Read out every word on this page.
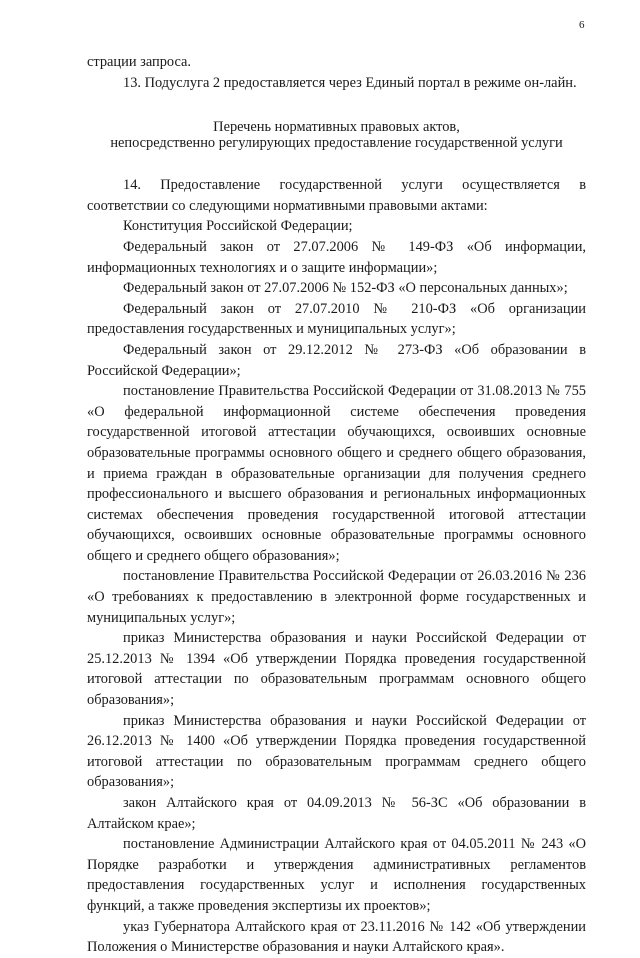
6

страции запроса.

13. Подуслуга 2 предоставляется через Единый портал в режиме он-лайн.

Перечень нормативных правовых актов,
непосредственно регулирующих предоставление государственной услуги

14. Предоставление государственной услуги осуществляется в соответствии со следующими нормативными правовыми актами:

Конституция Российской Федерации;

Федеральный закон от 27.07.2006 № 149-ФЗ «Об информации, информационных технологиях и о защите информации»;

Федеральный закон от 27.07.2006 № 152-ФЗ «О персональных данных»;

Федеральный закон от 27.07.2010 № 210-ФЗ «Об организации предоставления государственных и муниципальных услуг»;

Федеральный закон от 29.12.2012 № 273-ФЗ «Об образовании в Российской Федерации»;

постановление Правительства Российской Федерации от 31.08.2013 № 755 «О федеральной информационной системе обеспечения проведения государственной итоговой аттестации обучающихся, освоивших основные образовательные программы основного общего и среднего общего образования, и приема граждан в образовательные организации для получения среднего профессионального и высшего образования и региональных информационных системах обеспечения проведения государственной итоговой аттестации обучающихся, освоивших основные образовательные программы основного общего и среднего общего образования»;

постановление Правительства Российской Федерации от 26.03.2016 № 236 «О требованиях к предоставлению в электронной форме государственных и муниципальных услуг»;

приказ Министерства образования и науки Российской Федерации от 25.12.2013 № 1394 «Об утверждении Порядка проведения государственной итоговой аттестации по образовательным программам основного общего образования»;

приказ Министерства образования и науки Российской Федерации от 26.12.2013 № 1400 «Об утверждении Порядка проведения государственной итоговой аттестации по образовательным программам среднего общего образования»;

закон Алтайского края от 04.09.2013 № 56-ЗС «Об образовании в Алтайском крае»;

постановление Администрации Алтайского края от 04.05.2011 № 243 «О Порядке разработки и утверждения административных регламентов предоставления государственных услуг и исполнения государственных функций, а также проведения экспертизы их проектов»;

указ Губернатора Алтайского края от 23.11.2016 № 142 «Об утверждении Положения о Министерстве образования и науки Алтайского края».
